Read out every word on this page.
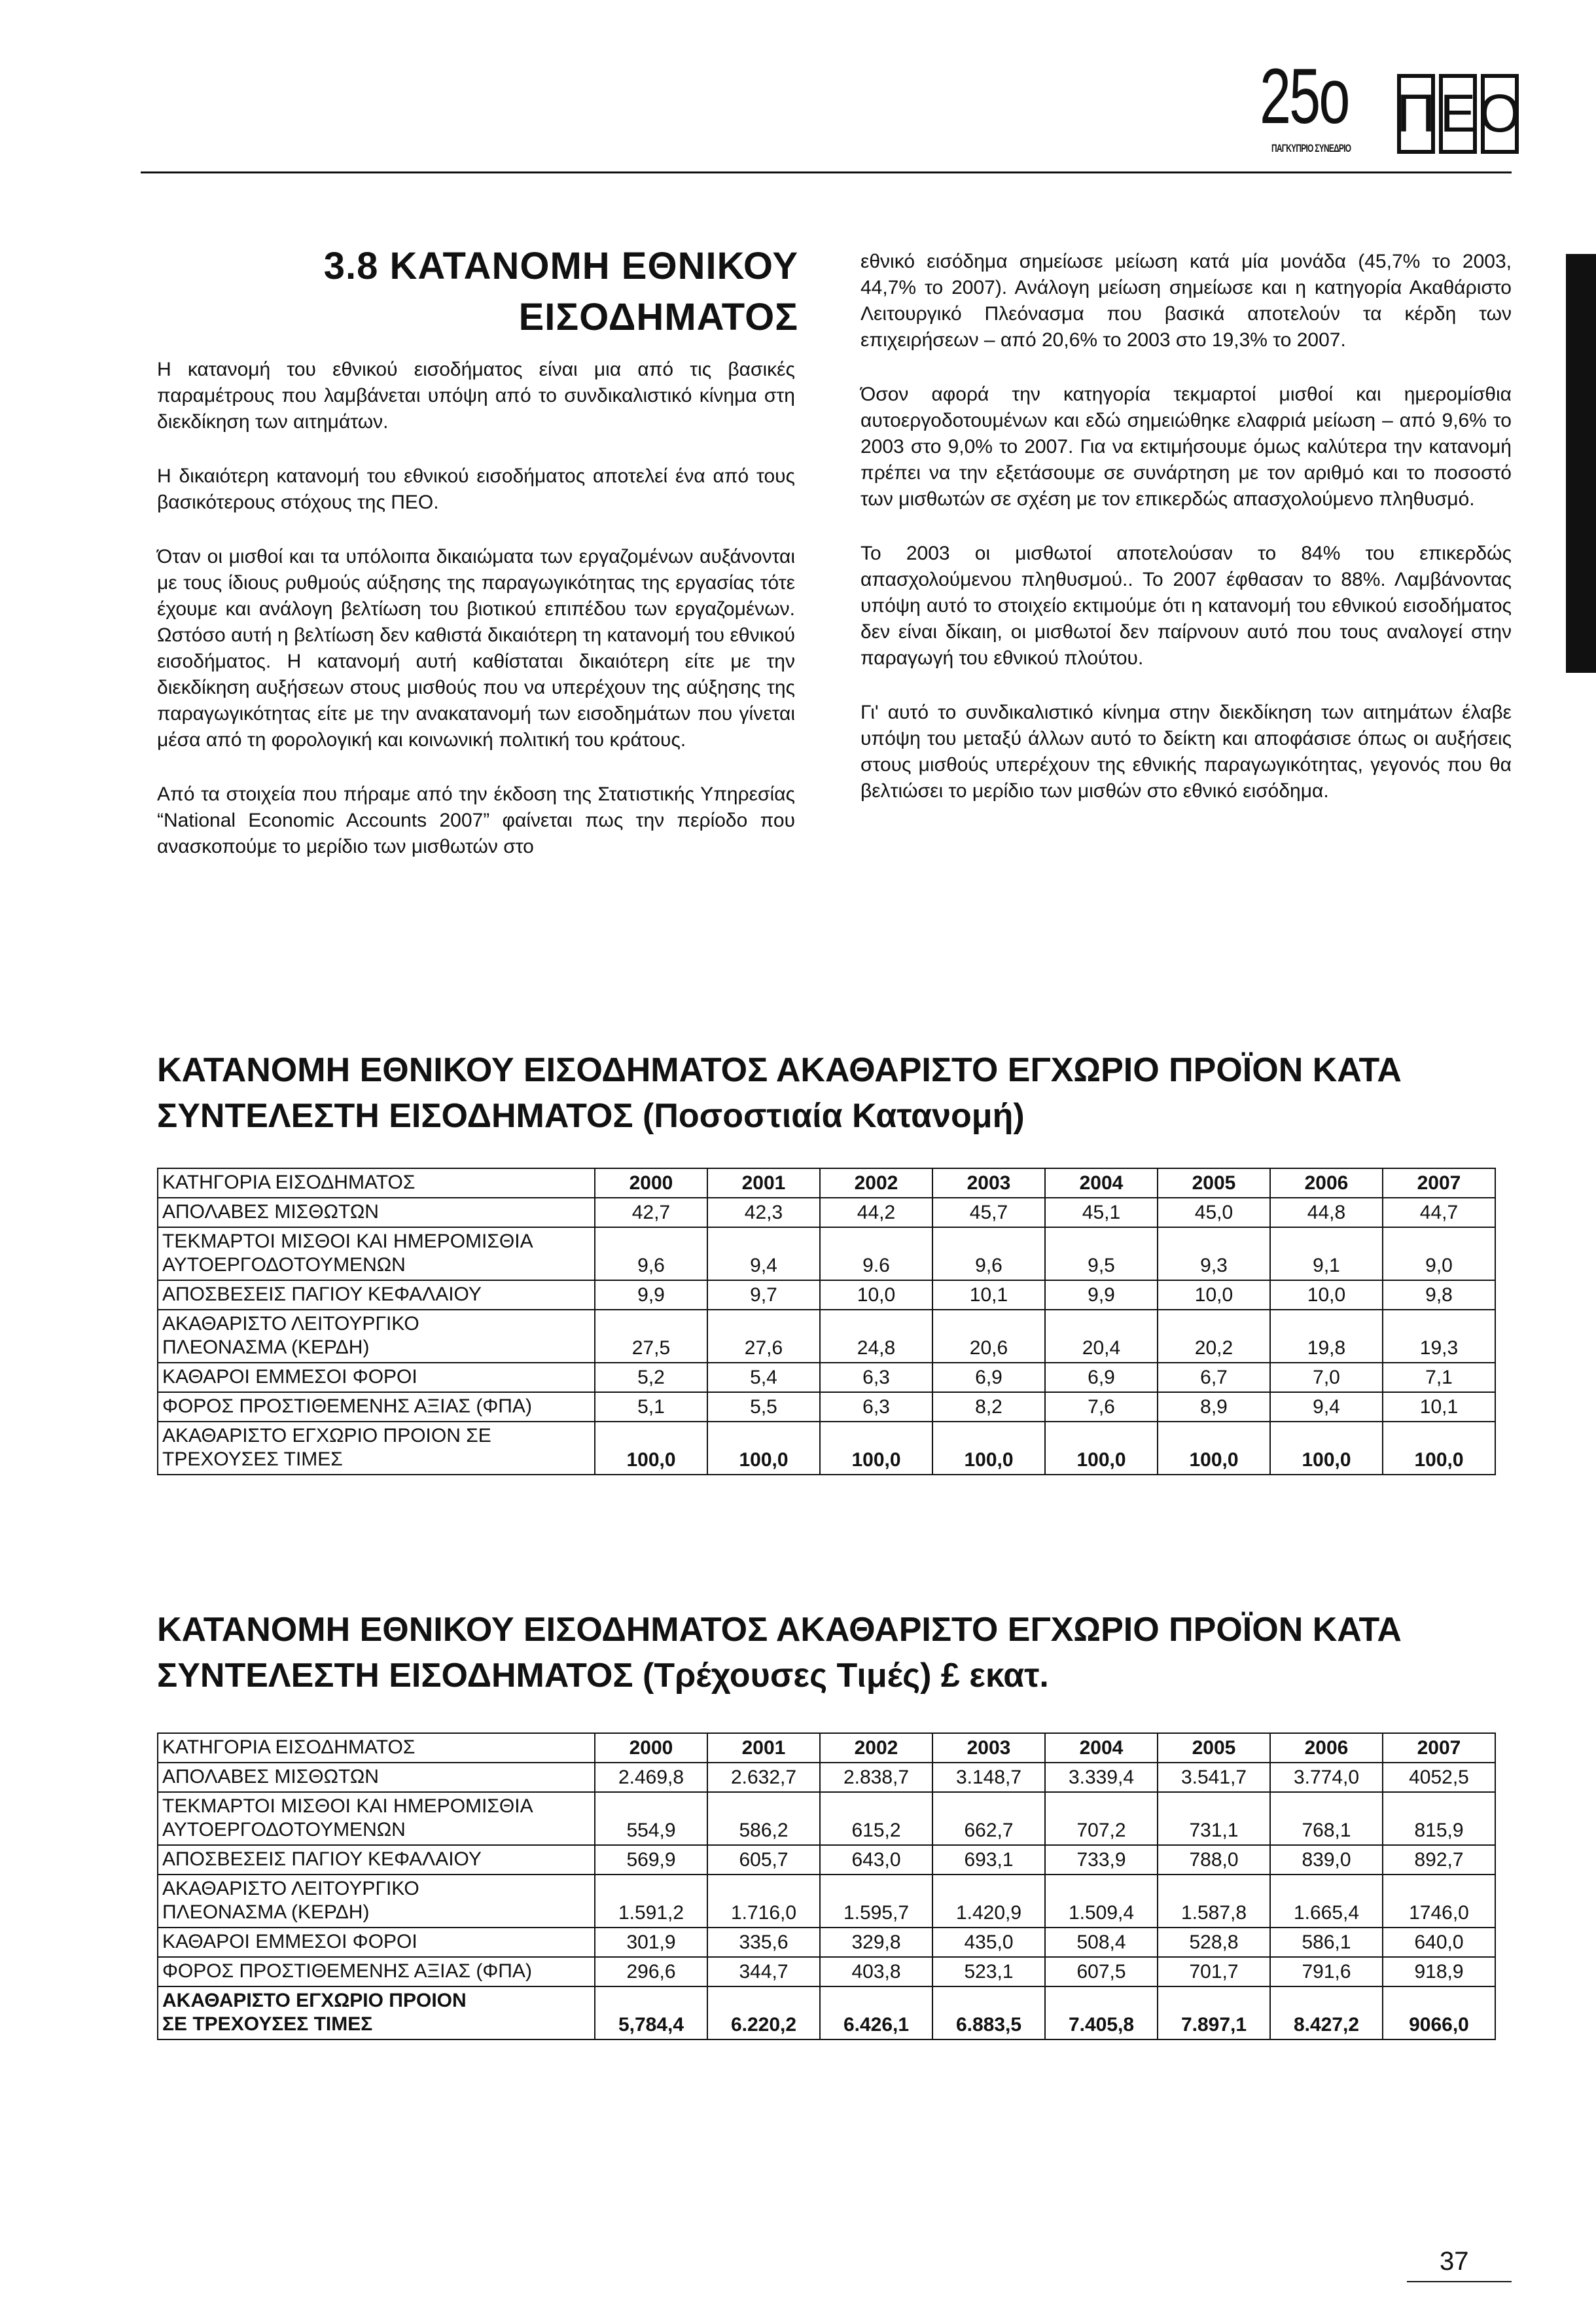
25o
ΠΑΓΚΥΠΡΙΟ ΣΥΝΕΔΡΙΟ
Π Ε Ο
3.8 ΚΑΤΑΝΟΜΗ ΕΘΝΙΚΟΥ
ΕΙΣΟΔΗΜΑΤΟΣ

Η κατανομή του εθνικού εισοδήματος είναι μια από τις βασικές παραμέτρους που λαμβάνεται υπόψη από το συνδικαλιστικό κίνημα στη διεκδίκηση των αιτημάτων.

Η δικαιότερη κατανομή του εθνικού εισοδήματος αποτελεί ένα από τους βασικότερους στόχους της ΠΕΟ.

Όταν οι μισθοί και τα υπόλοιπα δικαιώματα των εργαζομένων αυξάνονται με τους ίδιους ρυθμούς αύξησης της παραγωγικότητας της εργασίας τότε έχουμε και ανάλογη βελτίωση του βιοτικού επιπέδου των εργαζομένων. Ωστόσο αυτή η βελτίωση δεν καθιστά δικαιότερη τη κατανομή του εθνικού εισοδήματος. Η κατανομή αυτή καθίσταται δικαιότερη είτε με την διεκδίκηση αυξήσεων στους μισθούς που να υπερέχουν της αύξησης της παραγωγικότητας είτε με την ανακατανομή των εισοδημάτων που γίνεται μέσα από τη φορολογική και κοινωνική πολιτική του κράτους.

Από τα στοιχεία που πήραμε από την έκδοση της Στατιστικής Υπηρεσίας “National Economic Accounts 2007” φαίνεται πως την περίοδο που ανασκοπούμε το μερίδιο των μισθωτών στο

εθνικό εισόδημα σημείωσε μείωση κατά μία μονάδα (45,7% το 2003, 44,7% το 2007). Ανάλογη μείωση σημείωσε και η κατηγορία Ακαθάριστο Λειτουργικό Πλεόνασμα που βασικά αποτελούν τα κέρδη των επιχειρήσεων – από 20,6% το 2003 στο 19,3% το 2007.

Όσον αφορά την κατηγορία τεκμαρτοί μισθοί και ημερομίσθια αυτοεργοδοτουμένων και εδώ σημειώθηκε ελαφριά μείωση – από 9,6% το 2003 στο 9,0% το 2007. Για να εκτιμήσουμε όμως καλύτερα την κατανομή πρέπει να την εξετάσουμε σε συνάρτηση με τον αριθμό και το ποσοστό των μισθωτών σε σχέση με τον επικερδώς απασχολούμενο πληθυσμό.

Το 2003 οι μισθωτοί αποτελούσαν το 84% του επικερδώς απασχολούμενου πληθυσμού.. Το 2007 έφθασαν το 88%. Λαμβάνοντας υπόψη αυτό το στοιχείο εκτιμούμε ότι η κατανομή του εθνικού εισοδήματος δεν είναι δίκαιη, οι μισθωτοί δεν παίρνουν αυτό που τους αναλογεί στην παραγωγή του εθνικού πλούτου.

Γι' αυτό το συνδικαλιστικό κίνημα στην διεκδίκηση των αιτημάτων έλαβε υπόψη του μεταξύ άλλων αυτό το δείκτη και αποφάσισε όπως οι αυξήσεις στους μισθούς υπερέχουν της εθνικής παραγωγικότητας, γεγονός που θα βελτιώσει το μερίδιο των μισθών στο εθνικό εισόδημα.

ΚΑΤΑΝΟΜΗ ΕΘΝΙΚΟΥ ΕΙΣΟΔΗΜΑΤΟΣ ΑΚΑΘΑΡΙΣΤΟ ΕΓΧΩΡΙΟ ΠΡΟΪΟΝ ΚΑΤΑ
ΣΥΝΤΕΛΕΣΤΗ ΕΙΣΟΔΗΜΑΤΟΣ (Ποσοστιαία Κατανομή)
ΚΑΤΗΓΟΡΙΑ ΕΙΣΟΔΗΜΑΤΟΣ	2000	2001	2002	2003	2004	2005	2006	2007

ΑΠΟΛΑΒΕΣ ΜΙΣΘΩΤΩΝ	42,7	42,3	44,2	45,7	45,1	45,0	44,8	44,7

ΤΕΚΜΑΡΤΟΙ ΜΙΣΘΟΙ ΚΑΙ ΗΜΕΡΟΜΙΣΘΙΑ
ΑΥΤΟΕΡΓΟΔΟΤΟΥΜΕΝΩΝ	9,6	9,4	9.6	9,6	9,5	9,3	9,1	9,0

ΑΠΟΣΒΕΣΕΙΣ ΠΑΓΙΟΥ ΚΕΦΑΛΑΙΟΥ	9,9	9,7	10,0	10,1	9,9	10,0	10,0	9,8

ΑΚΑΘΑΡΙΣΤΟ ΛΕΙΤΟΥΡΓΙΚΟ
ΠΛΕΟΝΑΣΜΑ (ΚΕΡΔΗ)	27,5	27,6	24,8	20,6	20,4	20,2	19,8	19,3

ΚΑΘΑΡΟΙ ΕΜΜΕΣΟΙ ΦΟΡΟΙ	5,2	5,4	6,3	6,9	6,9	6,7	7,0	7,1

ΦΟΡΟΣ ΠΡΟΣΤΙΘΕΜΕΝΗΣ ΑΞΙΑΣ (ΦΠΑ)	5,1	5,5	6,3	8,2	7,6	8,9	9,4	10,1

ΑΚΑΘΑΡΙΣΤΟ ΕΓΧΩΡΙΟ ΠΡΟΙΟΝ ΣΕ
ΤΡΕΧΟΥΣΕΣ ΤΙΜΕΣ	100,0	100,0	100,0	100,0	100,0	100,0	100,0	100,0
ΚΑΤΑΝΟΜΗ ΕΘΝΙΚΟΥ ΕΙΣΟΔΗΜΑΤΟΣ ΑΚΑΘΑΡΙΣΤΟ ΕΓΧΩΡΙΟ ΠΡΟΪΟΝ ΚΑΤΑ
ΣΥΝΤΕΛΕΣΤΗ ΕΙΣΟΔΗΜΑΤΟΣ (Τρέχουσες Τιμές) £ εκατ.
ΚΑΤΗΓΟΡΙΑ ΕΙΣΟΔΗΜΑΤΟΣ	2000	2001	2002	2003	2004	2005	2006	2007

ΑΠΟΛΑΒΕΣ ΜΙΣΘΩΤΩΝ	2.469,8	2.632,7	2.838,7	3.148,7	3.339,4	3.541,7	3.774,0	4052,5

ΤΕΚΜΑΡΤΟΙ ΜΙΣΘΟΙ ΚΑΙ ΗΜΕΡΟΜΙΣΘΙΑ
ΑΥΤΟΕΡΓΟΔΟΤΟΥΜΕΝΩΝ	554,9	586,2	615,2	662,7	707,2	731,1	768,1	815,9

ΑΠΟΣΒΕΣΕΙΣ ΠΑΓΙΟΥ ΚΕΦΑΛΑΙΟΥ	569,9	605,7	643,0	693,1	733,9	788,0	839,0	892,7

ΑΚΑΘΑΡΙΣΤΟ ΛΕΙΤΟΥΡΓΙΚΟ
ΠΛΕΟΝΑΣΜΑ (ΚΕΡΔΗ)	1.591,2	1.716,0	1.595,7	1.420,9	1.509,4	1.587,8	1.665,4	1746,0

ΚΑΘΑΡΟΙ ΕΜΜΕΣΟΙ ΦΟΡΟΙ	301,9	335,6	329,8	435,0	508,4	528,8	586,1	640,0

ΦΟΡΟΣ ΠΡΟΣΤΙΘΕΜΕΝΗΣ ΑΞΙΑΣ (ΦΠΑ)	296,6	344,7	403,8	523,1	607,5	701,7	791,6	918,9

ΑΚΑΘΑΡΙΣΤΟ ΕΓΧΩΡΙΟ ΠΡΟΙΟΝ
ΣΕ ΤΡΕΧΟΥΣΕΣ ΤΙΜΕΣ	5,784,4	6.220,2	6.426,1	6.883,5	7.405,8	7.897,1	8.427,2	9066,0
37
